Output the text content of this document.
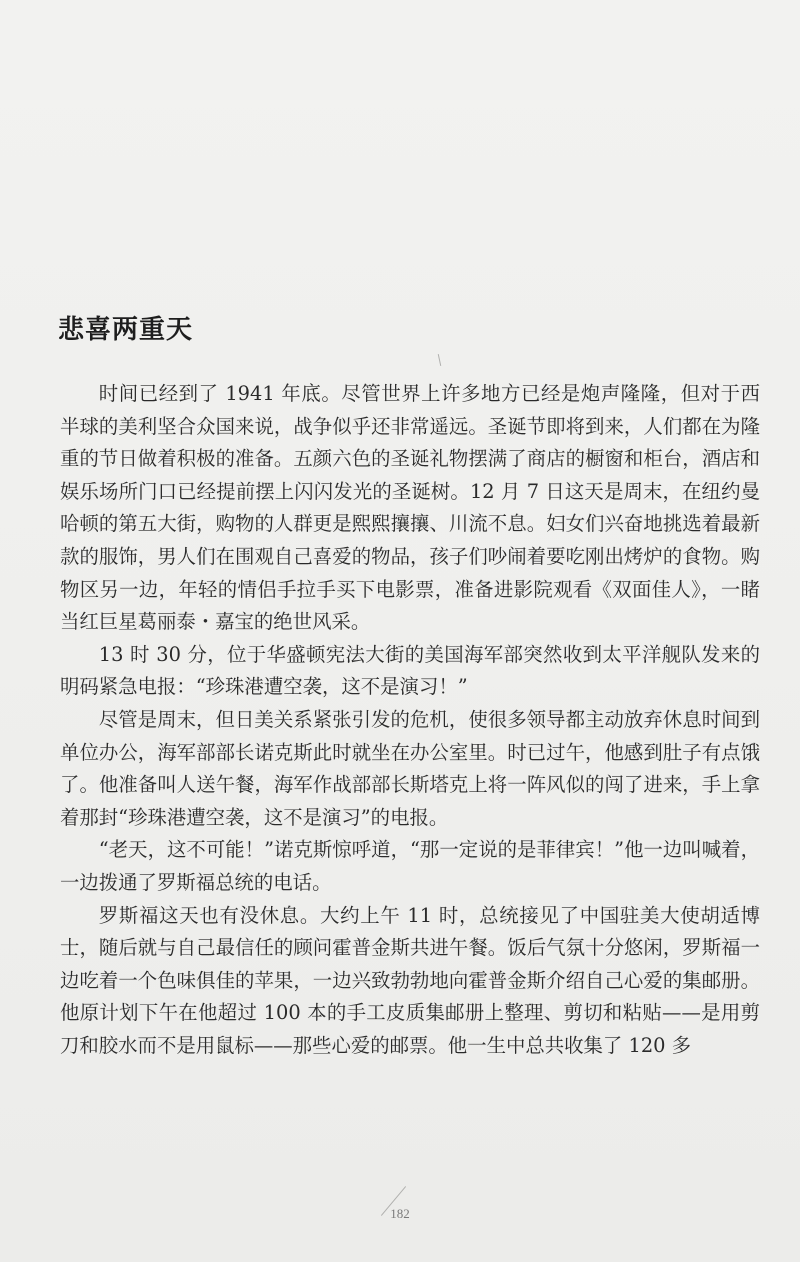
悲喜两重天

时间已经到了 1941 年底。尽管世界上许多地方已经是炮声隆隆，但对于西半球的美利坚合众国来说，战争似乎还非常遥远。圣诞节即将到来，人们都在为隆重的节日做着积极的准备。五颜六色的圣诞礼物摆满了商店的橱窗和柜台，酒店和娱乐场所门口已经提前摆上闪闪发光的圣诞树。12 月 7 日这天是周末，在纽约曼哈顿的第五大街，购物的人群更是熙熙攘攘、川流不息。妇女们兴奋地挑选着最新款的服饰，男人们在围观自己喜爱的物品，孩子们吵闹着要吃刚出烤炉的食物。购物区另一边，年轻的情侣手拉手买下电影票，准备进影院观看《双面佳人》，一睹当红巨星葛丽泰・嘉宝的绝世风采。

13 时 30 分，位于华盛顿宪法大街的美国海军部突然收到太平洋舰队发来的明码紧急电报：“珍珠港遭空袭，这不是演习！”

尽管是周末，但日美关系紧张引发的危机，使很多领导都主动放弃休息时间到单位办公，海军部部长诺克斯此时就坐在办公室里。时已过午，他感到肚子有点饿了。他准备叫人送午餐，海军作战部部长斯塔克上将一阵风似的闯了进来，手上拿着那封“珍珠港遭空袭，这不是演习”的电报。

“老天，这不可能！”诺克斯惊呼道，“那一定说的是菲律宾！”他一边叫喊着，一边拨通了罗斯福总统的电话。

罗斯福这天也有没休息。大约上午 11 时，总统接见了中国驻美大使胡适博士，随后就与自己最信任的顾问霍普金斯共进午餐。饭后气氛十分悠闲，罗斯福一边吃着一个色味俱佳的苹果，一边兴致勃勃地向霍普金斯介绍自己心爱的集邮册。他原计划下午在他超过 100 本的手工皮质集邮册上整理、剪切和粘贴——是用剪刀和胶水而不是用鼠标——那些心爱的邮票。他一生中总共收集了 120 多

182
